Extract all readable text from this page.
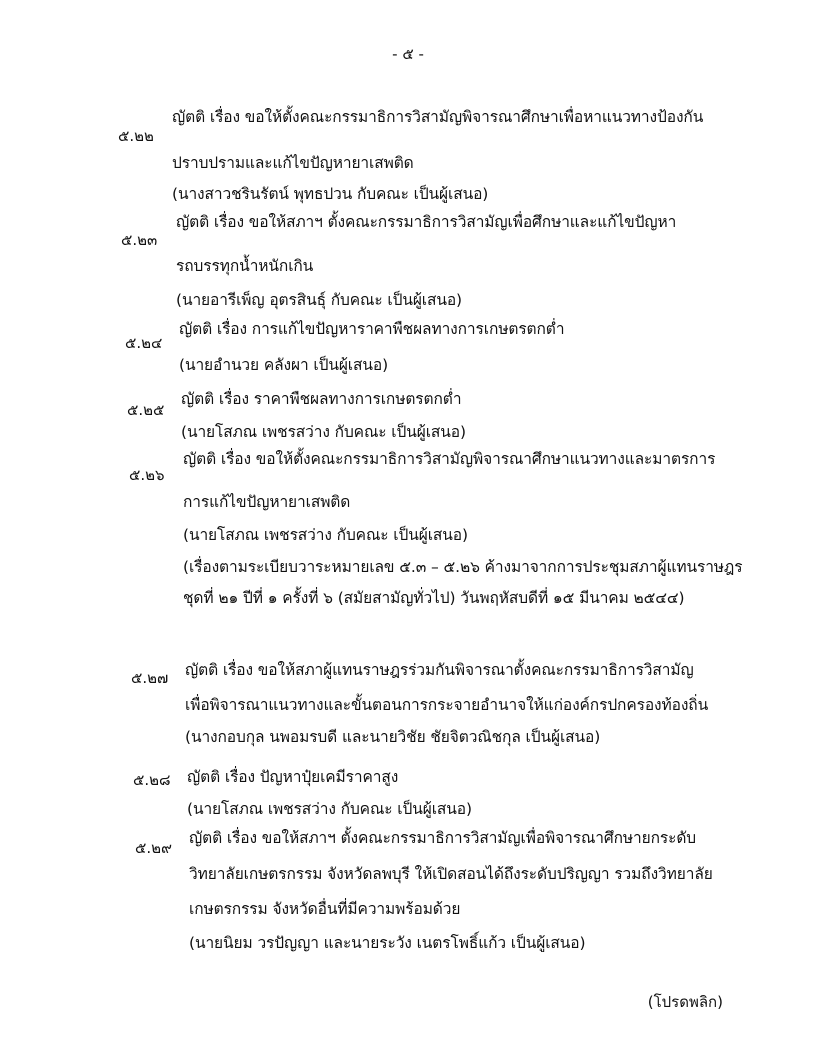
- ๕ -
๕.๒๒
ญัตติ เรื่อง ขอให้ตั้งคณะกรรมาธิการวิสามัญพิจารณาศึกษาเพื่อหาแนวทางป้องกัน
ปราบปรามและแก้ไขปัญหายาเสพติด
(นางสาวชรินรัตน์ พุทธปวน กับคณะ เป็นผู้เสนอ)
๕.๒๓
ญัตติ เรื่อง ขอให้สภาฯ ตั้งคณะกรรมาธิการวิสามัญเพื่อศึกษาและแก้ไขปัญหา
รถบรรทุกน้ำหนักเกิน
(นายอารีเพ็ญ อุตรสินธุ์ กับคณะ เป็นผู้เสนอ)
๕.๒๔
ญัตติ เรื่อง การแก้ไขปัญหาราคาพืชผลทางการเกษตรตกต่ำ
(นายอำนวย คลังผา เป็นผู้เสนอ)
๕.๒๕
ญัตติ เรื่อง ราคาพืชผลทางการเกษตรตกต่ำ
(นายโสภณ เพชรสว่าง กับคณะ เป็นผู้เสนอ)
๕.๒๖
ญัตติ เรื่อง ขอให้ตั้งคณะกรรมาธิการวิสามัญพิจารณาศึกษาแนวทางและมาตรการ
การแก้ไขปัญหายาเสพติด
(นายโสภณ เพชรสว่าง กับคณะ เป็นผู้เสนอ)
(เรื่องตามระเบียบวาระหมายเลข ๕.๓ – ๕.๒๖ ค้างมาจากการประชุมสภาผู้แทนราษฎร
ชุดที่ ๒๑ ปีที่ ๑ ครั้งที่ ๖ (สมัยสามัญทั่วไป) วันพฤหัสบดีที่ ๑๕ มีนาคม ๒๕๔๔)
๕.๒๗ ญัตติ เรื่อง ขอให้สภาผู้แทนราษฎรร่วมกันพิจารณาตั้งคณะกรรมาธิการวิสามัญ
เพื่อพิจารณาแนวทางและขั้นตอนการกระจายอำนาจให้แก่องค์กรปกครองท้องถิ่น
(นางกอบกุล นพอมรบดี และนายวิชัย ชัยจิตวณิชกุล เป็นผู้เสนอ)
๕.๒๘ ญัตติ เรื่อง ปัญหาปุ๋ยเคมีราคาสูง
(นายโสภณ เพชรสว่าง กับคณะ เป็นผู้เสนอ)
๕.๒๙
ญัตติ เรื่อง ขอให้สภาฯ ตั้งคณะกรรมาธิการวิสามัญเพื่อพิจารณาศึกษายกระดับ
วิทยาลัยเกษตรกรรม จังหวัดลพบุรี ให้เปิดสอนได้ถึงระดับปริญญา รวมถึงวิทยาลัย
เกษตรกรรม จังหวัดอื่นที่มีความพร้อมด้วย
(นายนิยม วรปัญญา และนายระวัง เนตรโพธิ์แก้ว เป็นผู้เสนอ)
(โปรดพลิก)
